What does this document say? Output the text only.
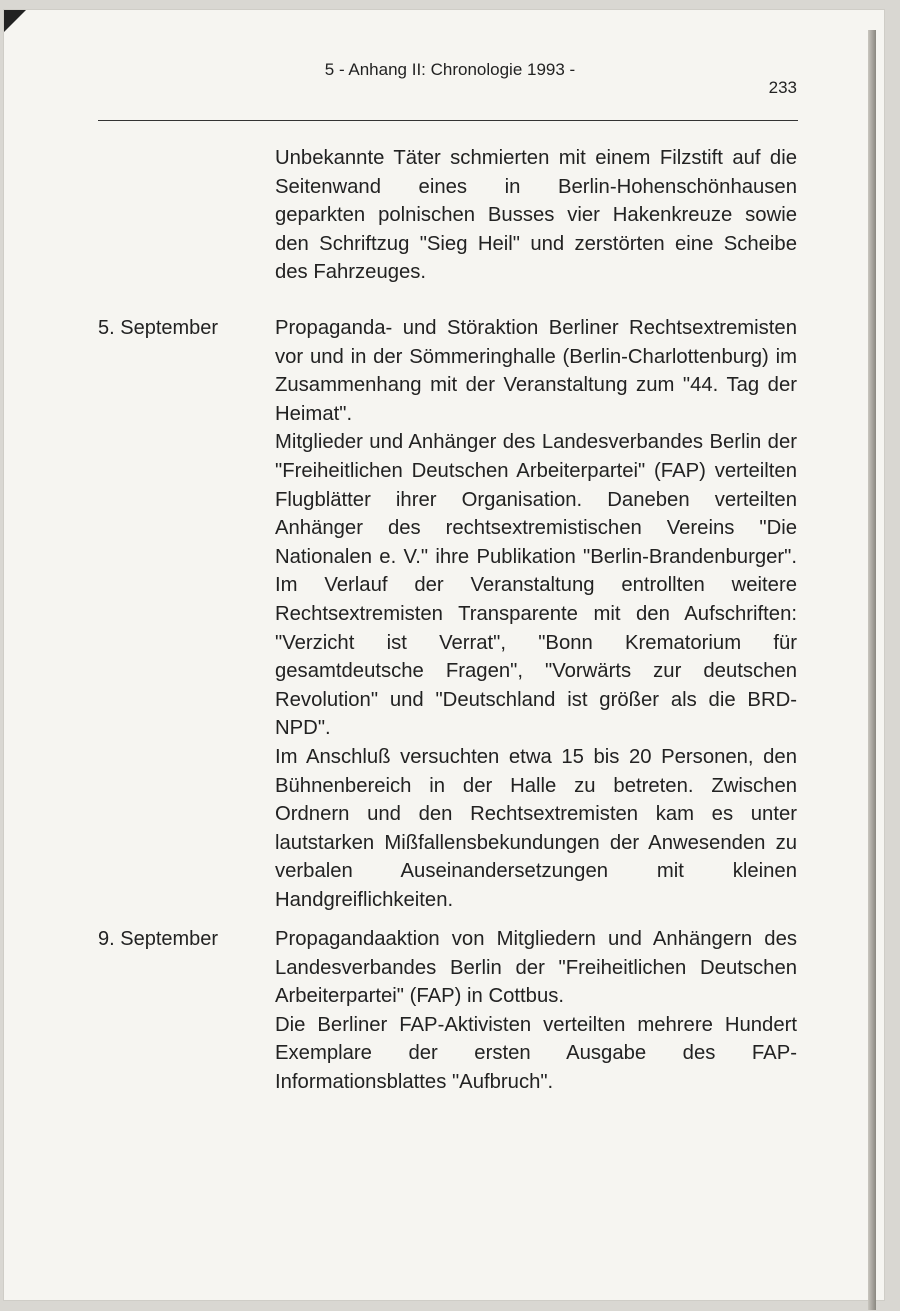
5 - Anhang II: Chronologie 1993 -
233

Unbekannte Täter schmierten mit einem Filzstift auf die Seitenwand eines in Berlin-Hohenschönhausen geparkten polnischen Busses vier Hakenkreuze sowie den Schriftzug "Sieg Heil" und zerstörten eine Scheibe des Fahrzeuges.

5. September	Propaganda- und Störaktion Berliner Rechtsextremisten vor und in der Sömmeringhalle (Berlin-Charlottenburg) im Zusammenhang mit der Veranstaltung zum "44. Tag der Heimat".

Mitglieder und Anhänger des Landesverbandes Berlin der "Freiheitlichen Deutschen Arbeiterpartei" (FAP) verteilten Flugblätter ihrer Organisation. Daneben verteilten Anhänger des rechtsextremistischen Vereins "Die Nationalen e. V." ihre Publikation "Berlin-Brandenburger". Im Verlauf der Veranstaltung entrollten weitere Rechtsextremisten Transparente mit den Aufschriften: "Verzicht ist Verrat", "Bonn Krematorium für gesamtdeutsche Fragen", "Vorwärts zur deutschen Revolution" und "Deutschland ist größer als die BRD-NPD".

Im Anschluß versuchten etwa 15 bis 20 Personen, den Bühnenbereich in der Halle zu betreten. Zwischen Ordnern und den Rechtsextremisten kam es unter lautstarken Mißfallensbekundungen der Anwesenden zu verbalen Auseinandersetzungen mit kleinen Handgreiflichkeiten.

9. September	Propagandaaktion von Mitgliedern und Anhängern des Landesverbandes Berlin der "Freiheitlichen Deutschen Arbeiterpartei" (FAP) in Cottbus.

Die Berliner FAP-Aktivisten verteilten mehrere Hundert Exemplare der ersten Ausgabe des FAP-Informationsblattes "Aufbruch".
